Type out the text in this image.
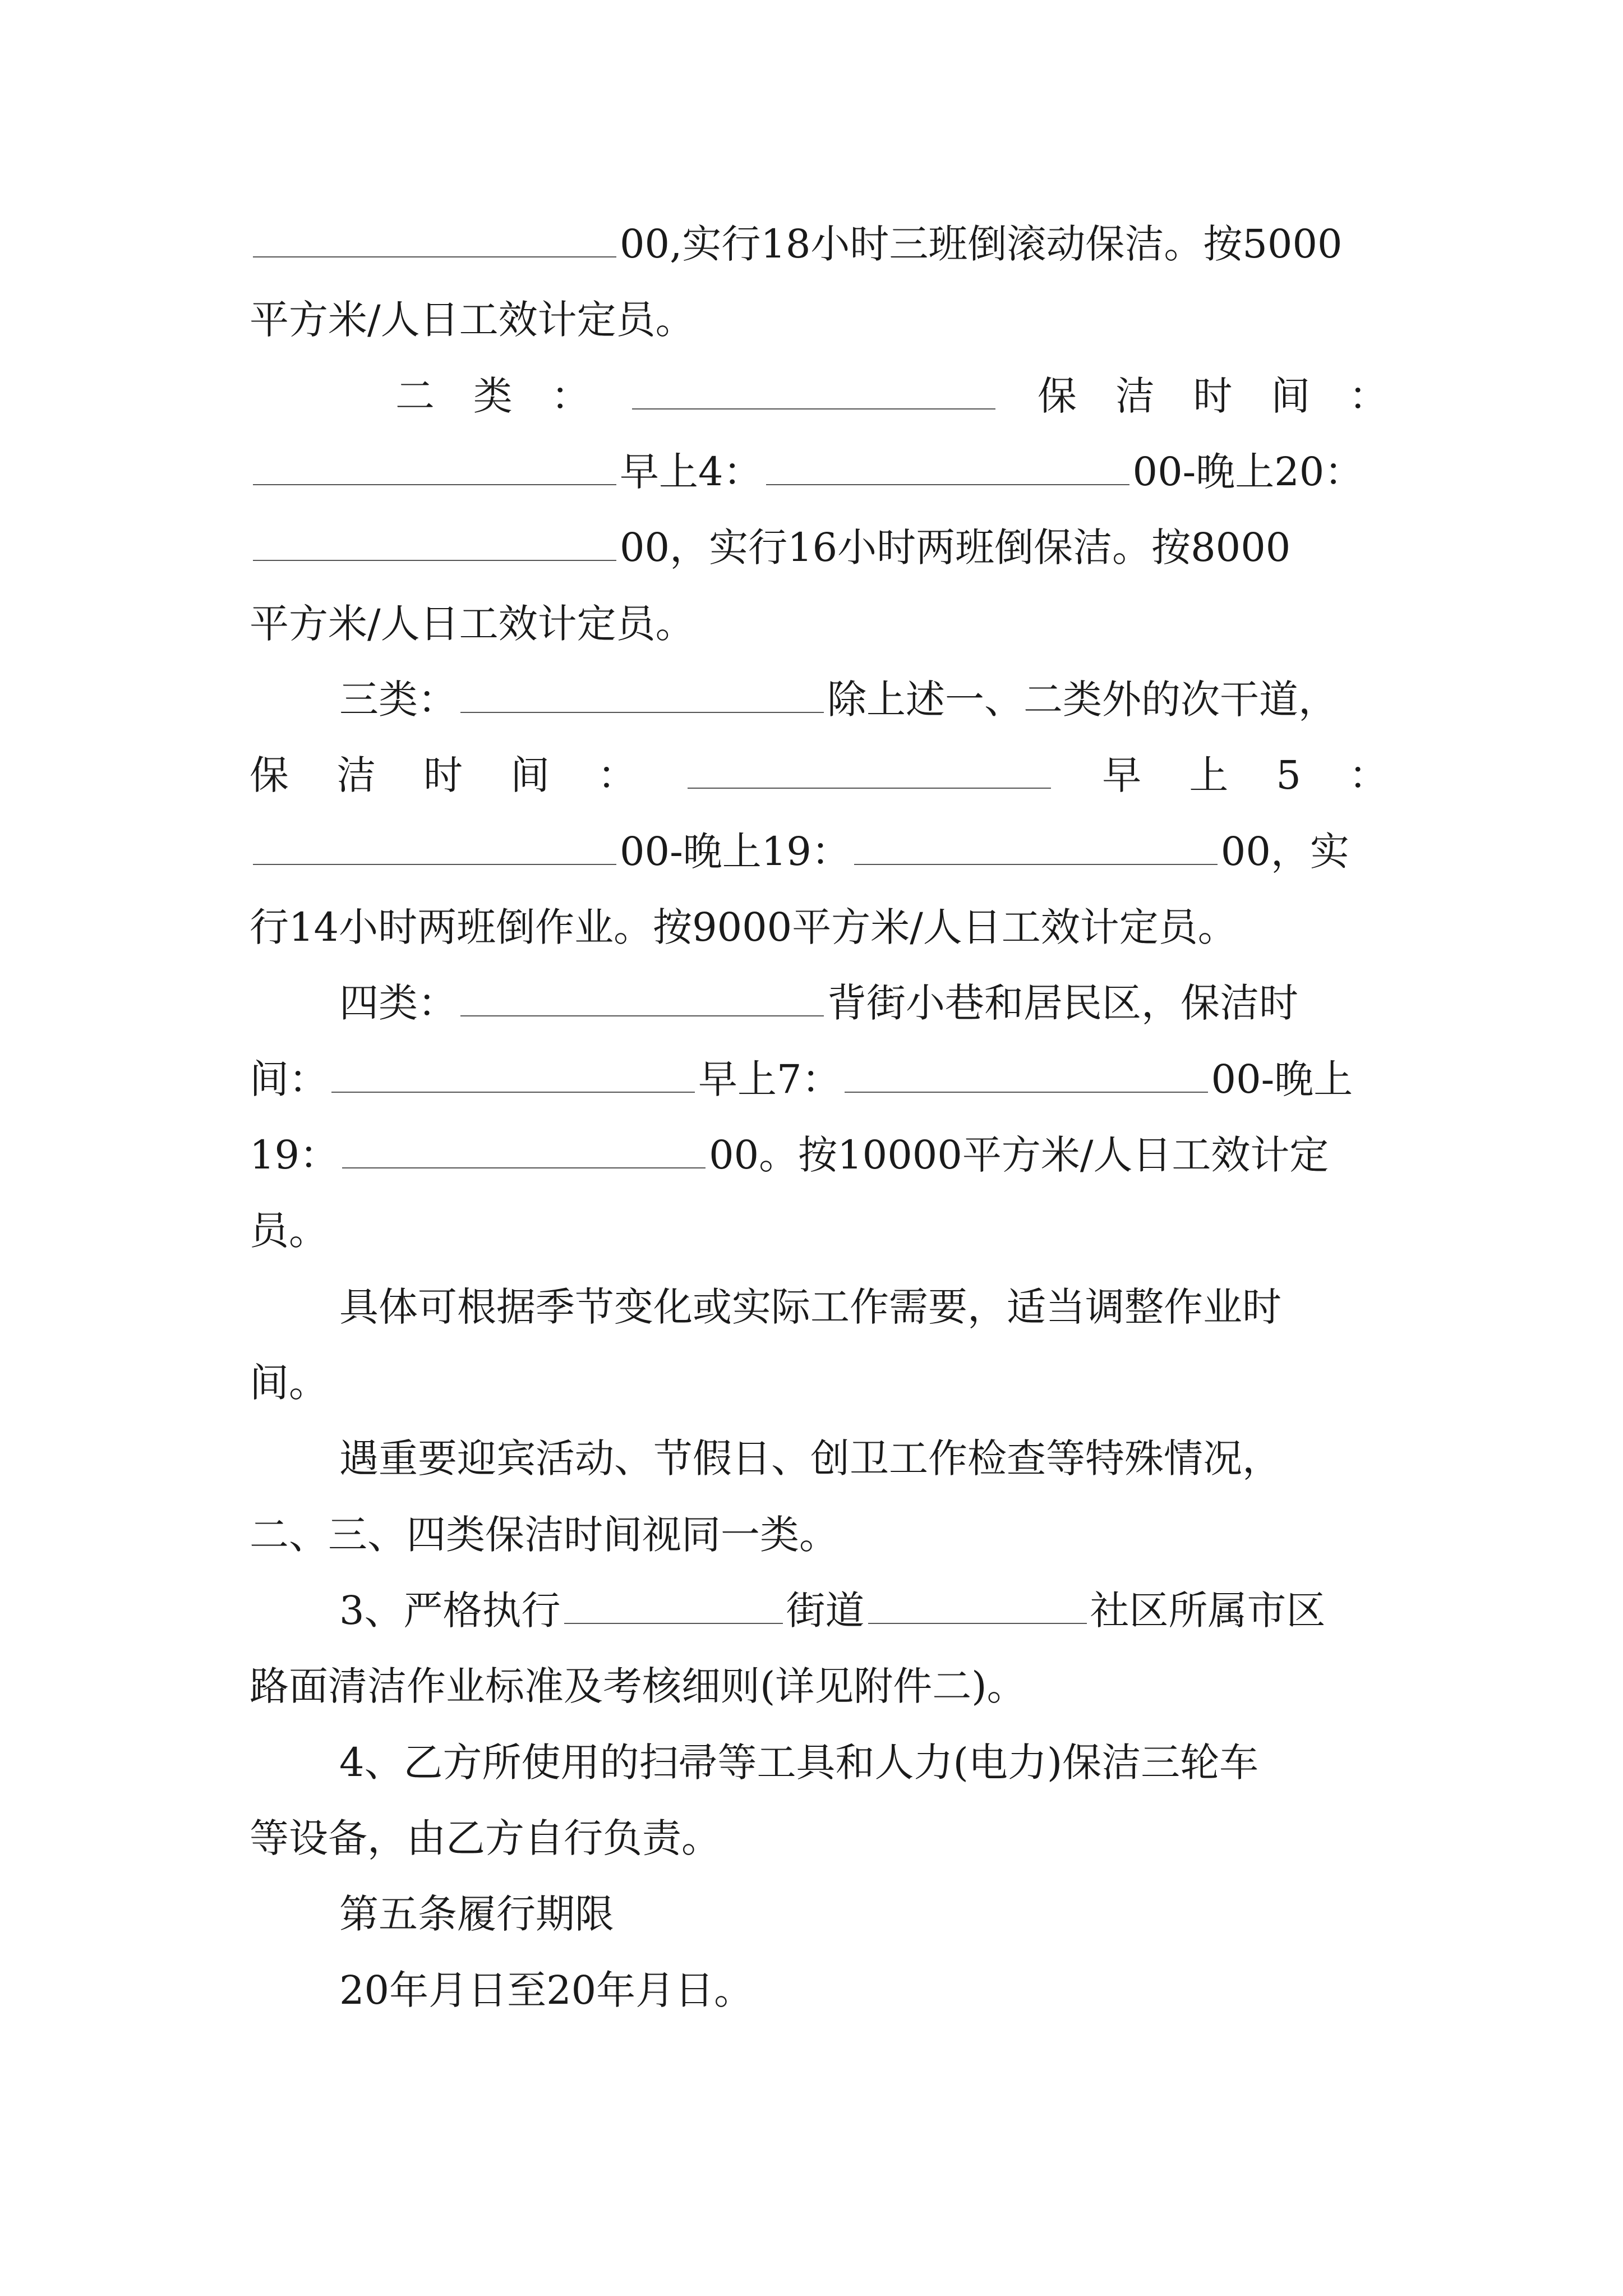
00,实行18小时三班倒滚动保洁。按5000
平方米/人日工效计定员。
二 类 ：	保 洁 时 间 ：
早上4：	00-晚上20：
00，实行16小时两班倒保洁。按8000
平方米/人日工效计定员。
三类：	除上述一、二类外的次干道，
保 洁 时 间 ：	早 上 5 ：
00-晚上19：	00，实
行14小时两班倒作业。按9000平方米/人日工效计定员。
四类：	背街小巷和居民区，保洁时
间：	早上7：	00-晚上
19：	00。按10000平方米/人日工效计定
员。
具体可根据季节变化或实际工作需要，适当调整作业时
间。
遇重要迎宾活动、节假日、创卫工作检查等特殊情况，
二、三、四类保洁时间视同一类。
3、严格执行	街道	社区所属市区
路面清洁作业标准及考核细则(详见附件二)。
4、乙方所使用的扫帚等工具和人力(电力)保洁三轮车
等设备，由乙方自行负责。
第五条履行期限
20年月日至20年月日。
